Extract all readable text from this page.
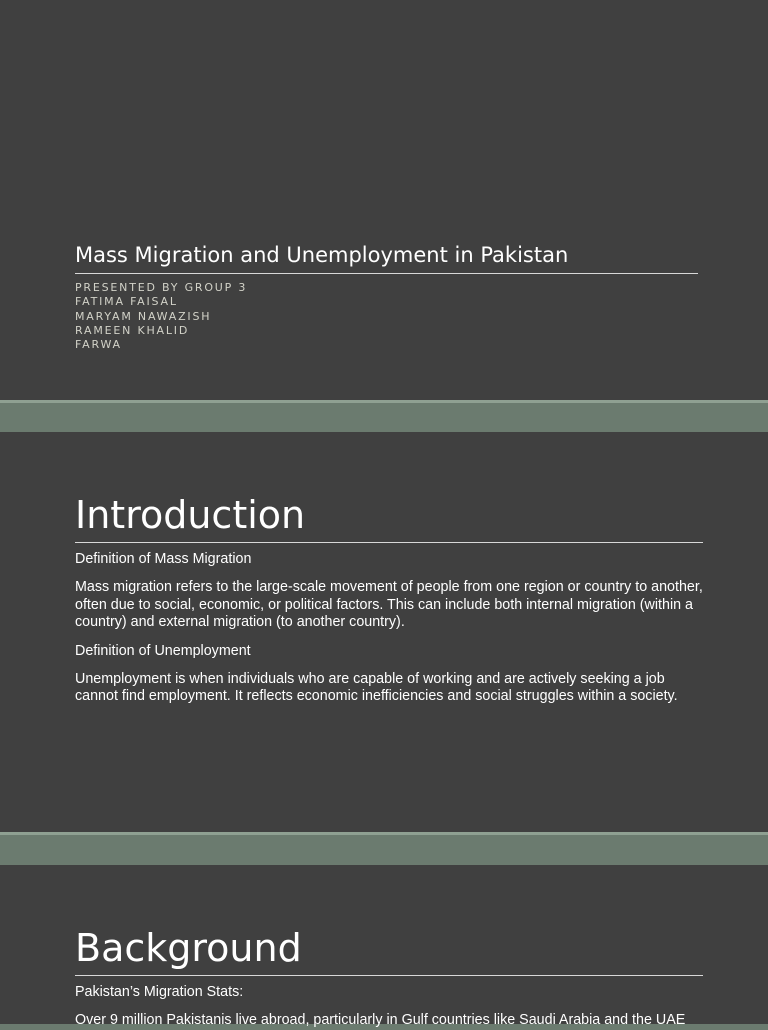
Mass Migration and Unemployment in Pakistan
PRESENTED BY GROUP 3
FATIMA FAISAL
MARYAM NAWAZISH
RAMEEN KHALID
FARWA
Introduction

Definition of Mass Migration

Mass migration refers to the large-scale movement of people from one region or country to another, often due to social, economic, or political factors. This can include both internal migration (within a country) and external migration (to another country).

Definition of Unemployment

Unemployment is when individuals who are capable of working and are actively seeking a job cannot find employment. It reflects economic inefficiencies and social struggles within a society.

Background

Pakistan’s Migration Stats:

Over 9 million Pakistanis live abroad, particularly in Gulf countries like Saudi Arabia and the UAE
